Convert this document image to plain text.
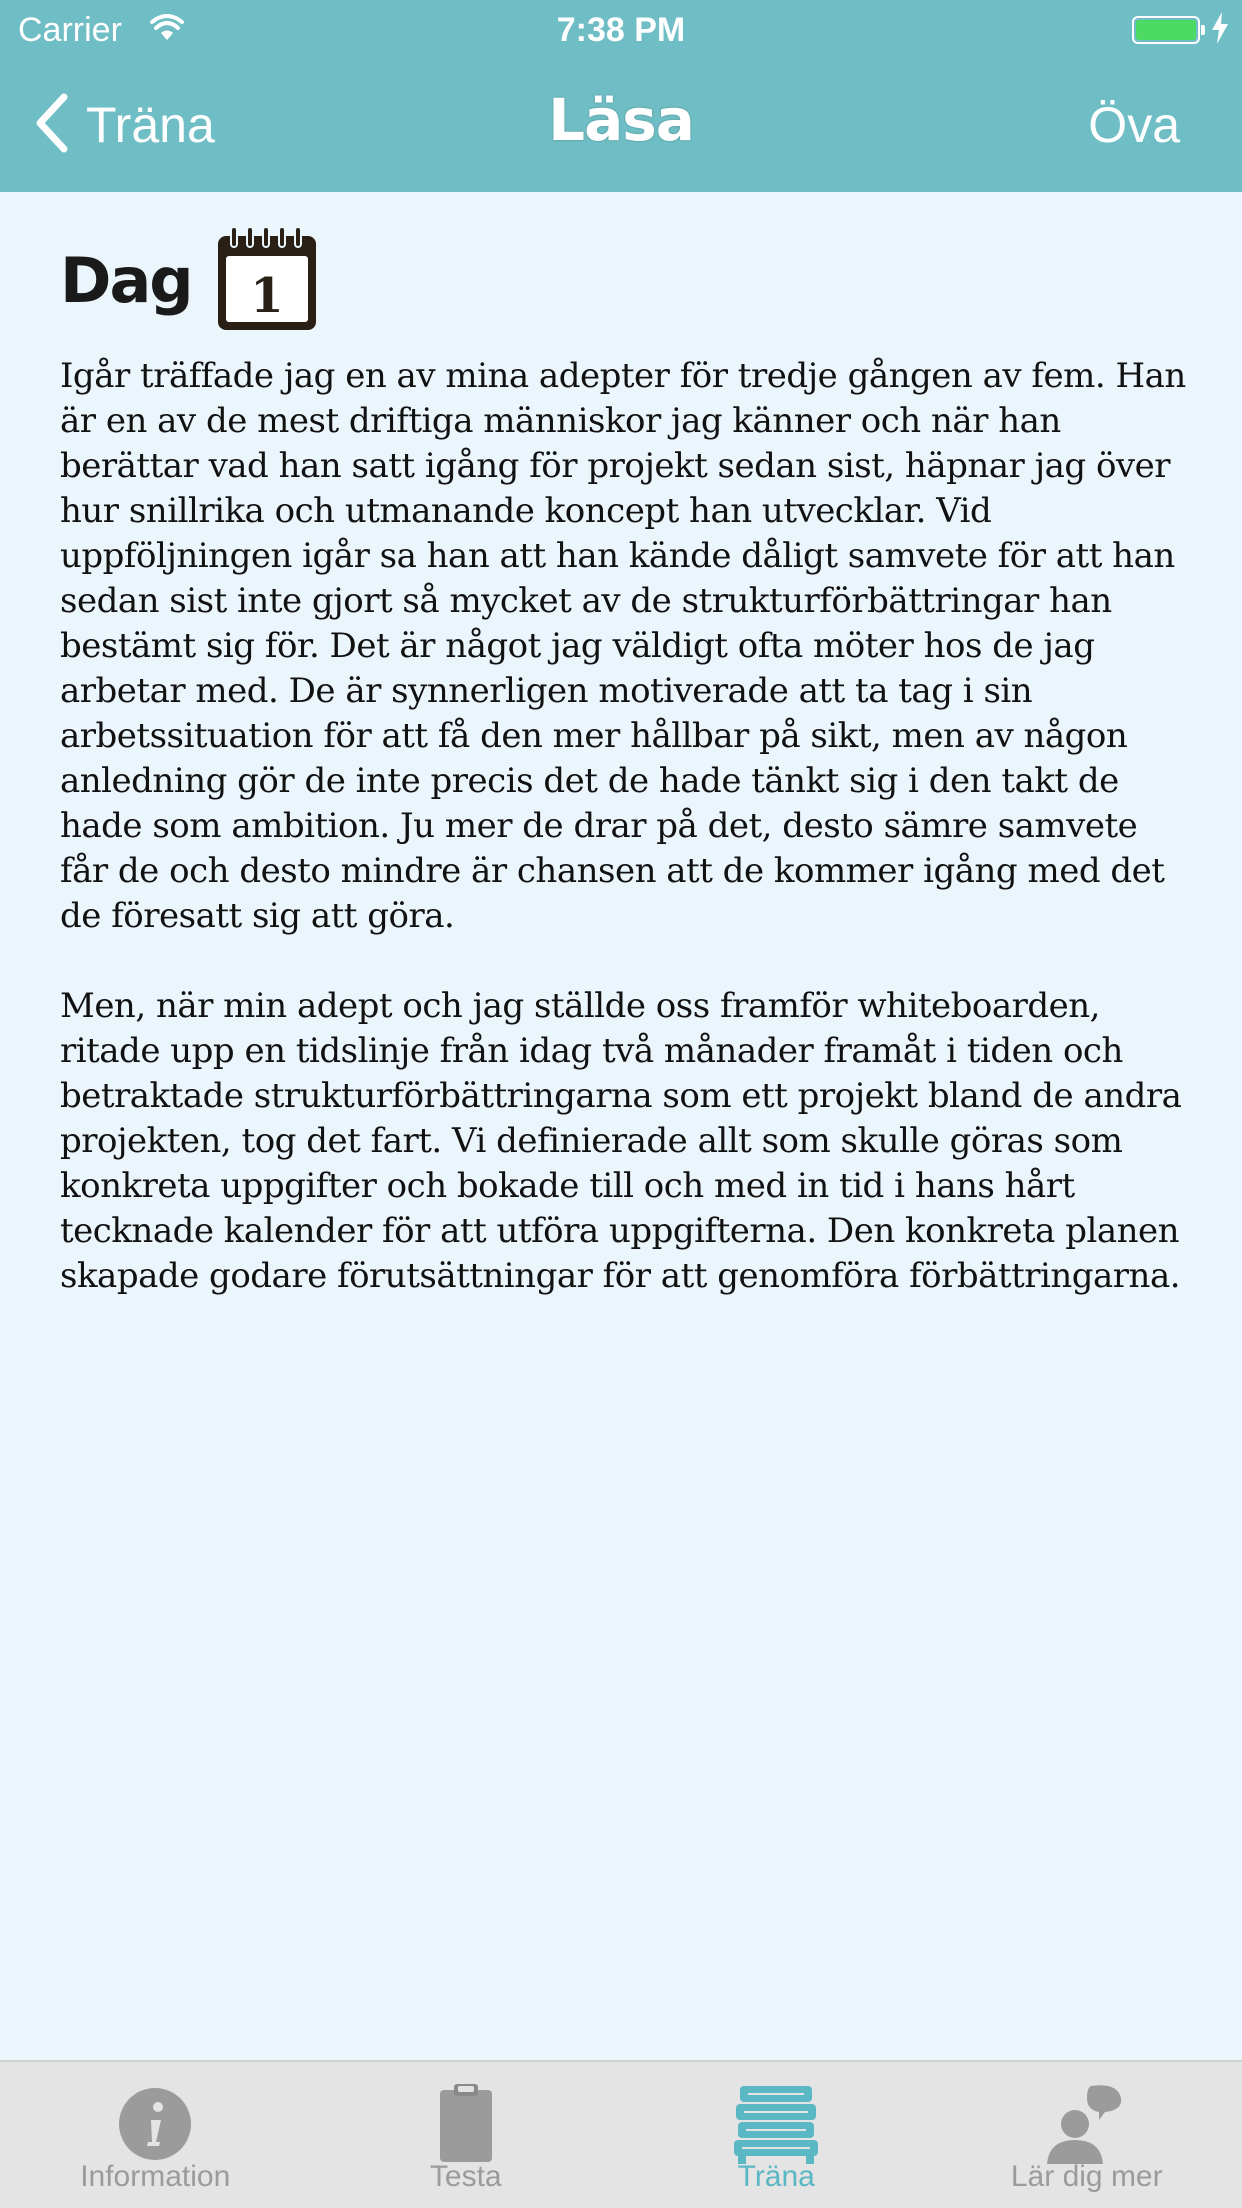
Carrier	7:38 PM
Träna	Läsa	Öva
Dag 1

Igår träffade jag en av mina adepter för tredje gången av fem. Han är en av de mest driftiga människor jag känner och när han berättar vad han satt igång för projekt sedan sist, häpnar jag över hur snillrika och utmanande koncept han utvecklar. Vid uppföljningen igår sa han att han kände dåligt samvete för att han sedan sist inte gjort så mycket av de strukturförbättringar han bestämt sig för. Det är något jag väldigt ofta möter hos de jag arbetar med. De är synnerligen motiverade att ta tag i sin arbetssituation för att få den mer hållbar på sikt, men av någon anledning gör de inte precis det de hade tänkt sig i den takt de hade som ambition. Ju mer de drar på det, desto sämre samvete får de och desto mindre är chansen att de kommer igång med det de föresatt sig att göra.

Men, när min adept och jag ställde oss framför whiteboarden, ritade upp en tidslinje från idag två månader framåt i tiden och betraktade strukturförbättringarna som ett projekt bland de andra projekten, tog det fart. Vi definierade allt som skulle göras som konkreta uppgifter och bokade till och med in tid i hans hårt tecknade kalender för att utföra uppgifterna. Den konkreta planen skapade godare förutsättningar för att genomföra förbättringarna.

Information	Testa	Träna	Lär dig mer
